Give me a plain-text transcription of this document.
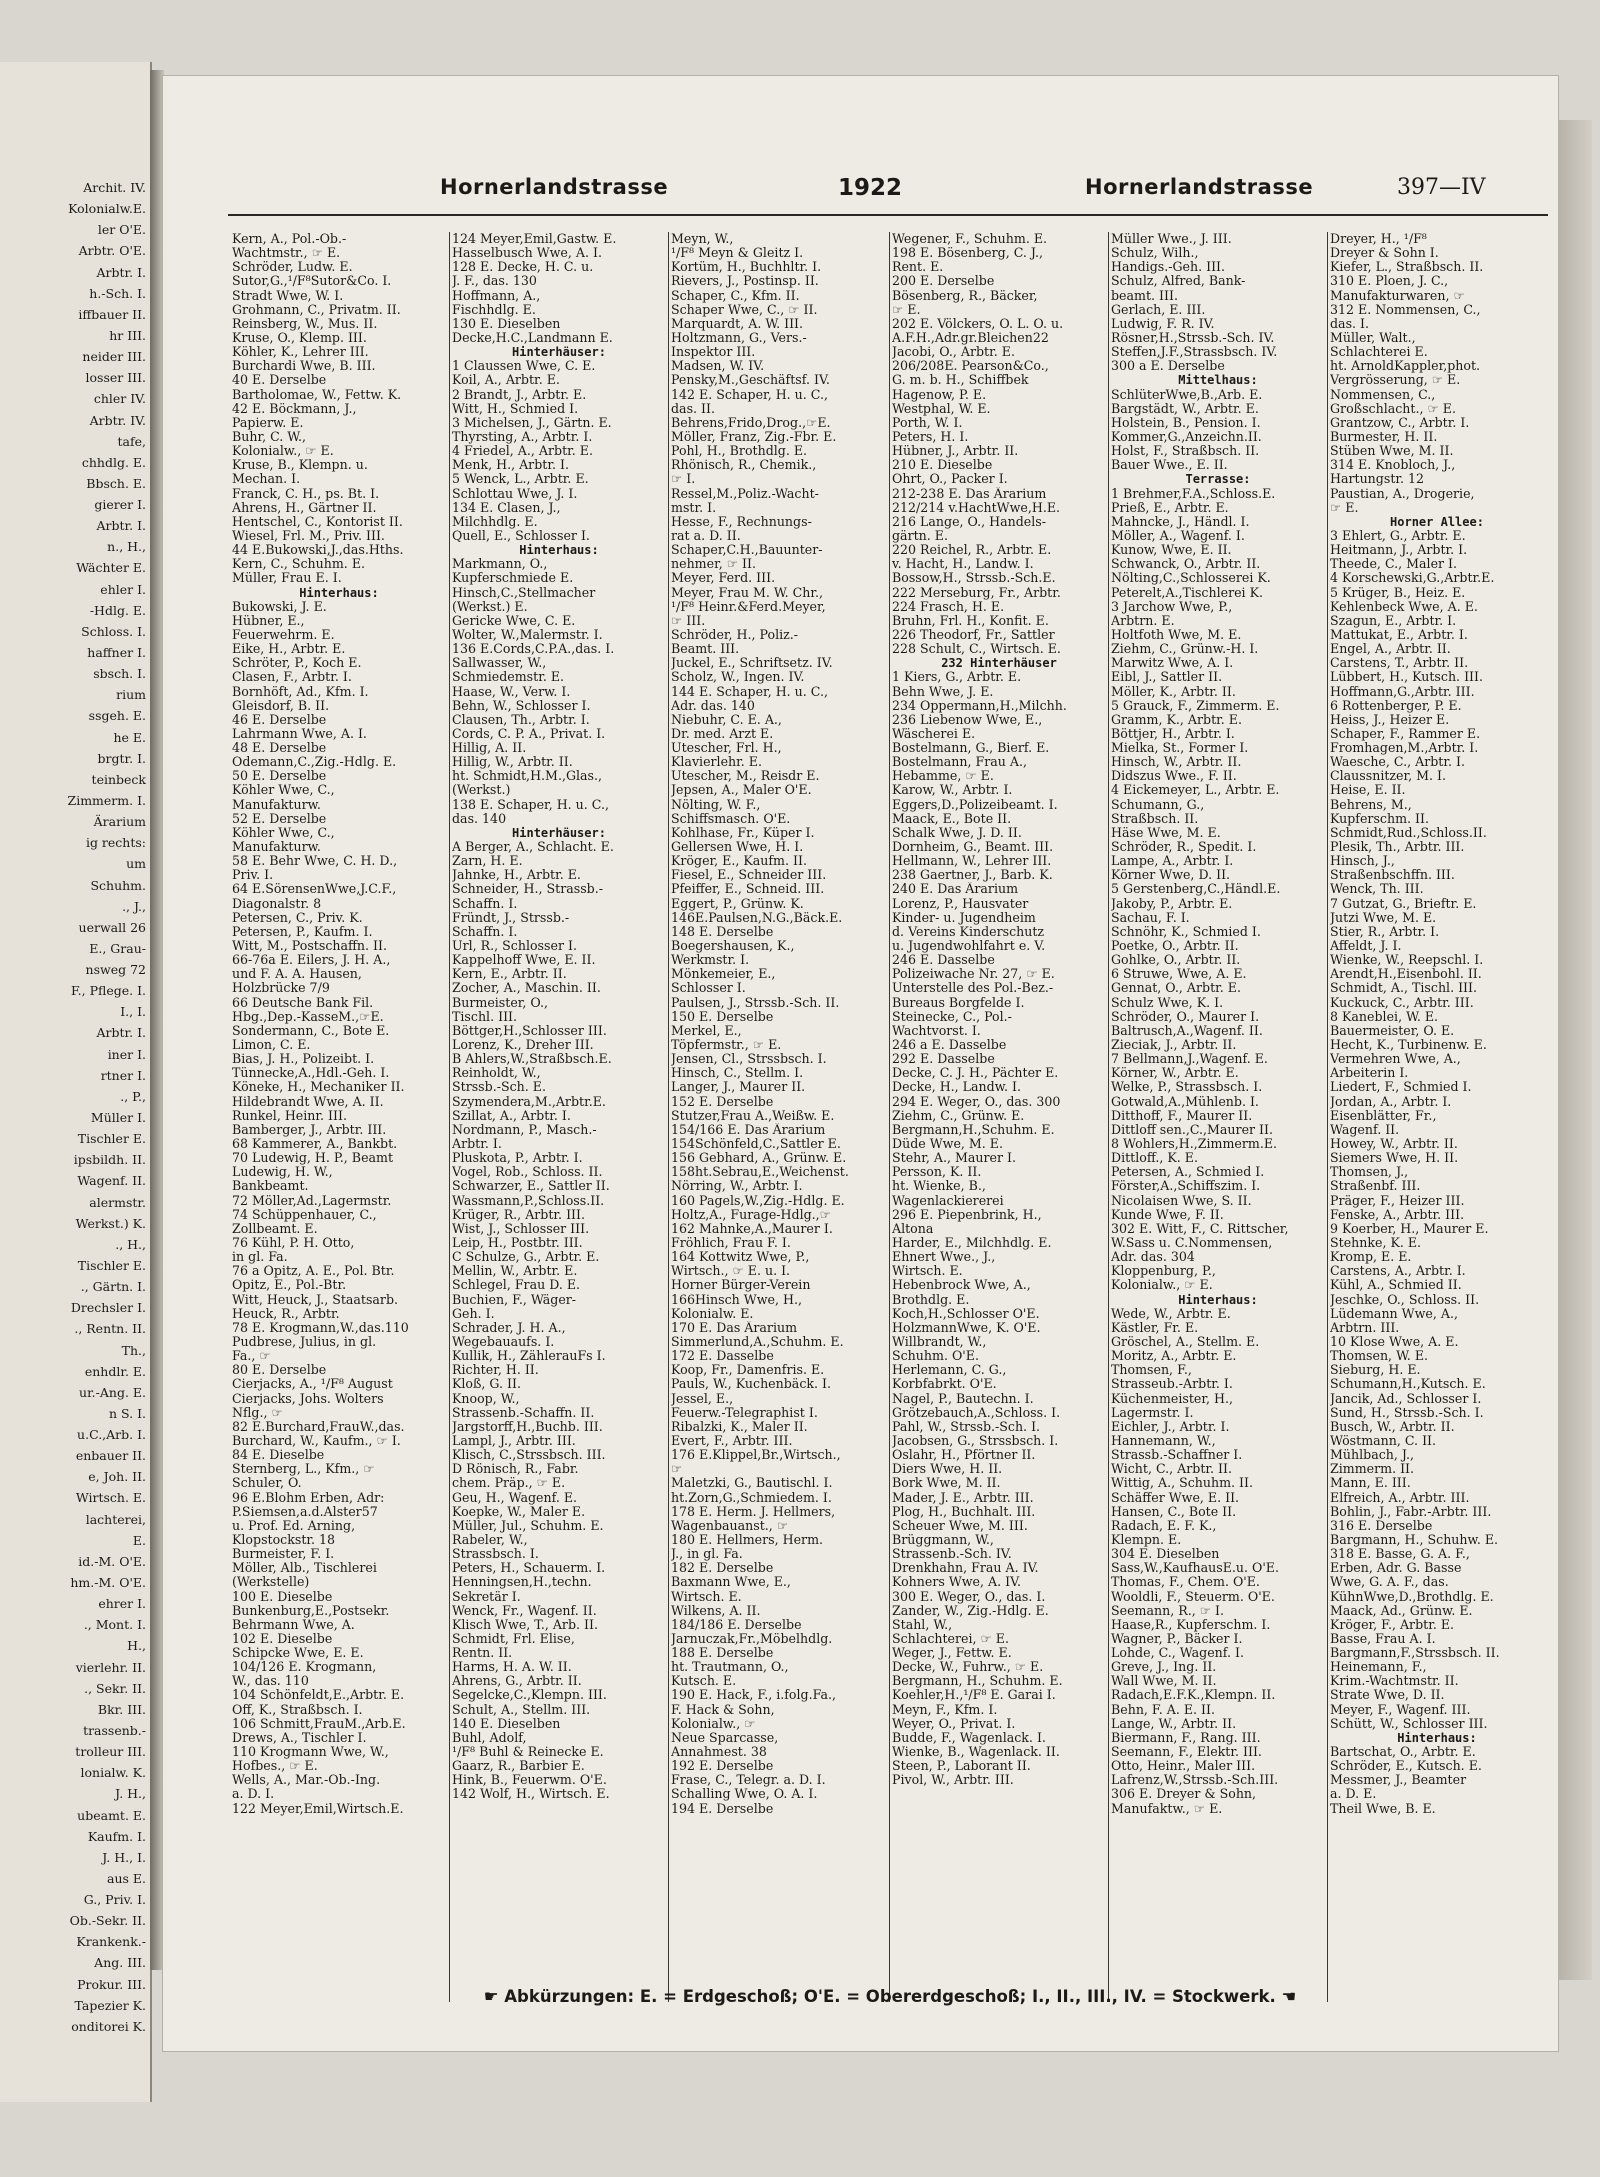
Archit. IV.
Kolonialw.E.
ler O'E.
Arbtr. O'E.
Arbtr. I.
h.-Sch. I.
iffbauer II.
hr III.
neider III.
losser III.
chler IV.
Arbtr. IV.
tafe,
chhdlg. E.
Bbsch. E.
gierer I.
Arbtr. I.
n., H.,
Wächter E.
ehler I.
-Hdlg. E.
Schloss. I.
haffner I.
sbsch. I.
rium
ssgeh. E.
he E.
brgtr. I.
teinbeck
Zimmerm. I.
Ärarium
ig rechts:
um
Schuhm.
., J.,
uerwall 26
E., Grau-
nsweg 72
F., Pflege. I.
I., I.
Arbtr. I.
iner I.
rtner I.
., P.,
Müller I.
Tischler E.
ipsbildh. II.
Wagenf. II.
alermstr.
Werkst.) K.
., H.,
Tischler E.
., Gärtn. I.
Drechsler I.
., Rentn. II.
Th.,
enhdlr. E.
ur.-Ang. E.
n S. I.
u.C.,Arb. I.
enbauer II.
e, Joh. II.
Wirtsch. E.
lachterei,
E.
id.-M. O'E.
hm.-M. O'E.
ehrer I.
., Mont. I.
H.,
vierlehr. II.
., Sekr. II.
Bkr. III.
trassenb.-
trolleur III.
lonialw. K.
J. H.,
ubeamt. E.
Kaufm. I.
J. H., I.
aus E.
G., Priv. I.
Ob.-Sekr. II.
Krankenk.-
Ang. III.
Prokur. III.
Tapezier K.
onditorei K.
Hornerlandstrasse	1922	Hornerlandstrasse	397—IV
Kern, A., Pol.-Ob.-
Wachtmstr., ☞ E.
Schröder, Ludw. E.
Sutor,G.,¹/F⁸Sutor&Co. I.
Stradt Wwe, W. I.
Grohmann, C., Privatm. II.
Reinsberg, W., Mus. II.
Kruse, O., Klemp. III.
Köhler, K., Lehrer III.
Burchardi Wwe, B. III.
40 E. Derselbe
Bartholomae, W., Fettw. K.
42 E. Böckmann, J.,
Papierw. E.
Buhr, C. W.,
Kolonialw., ☞ E.
Kruse, B., Klempn. u.
Mechan. I.
Franck, C. H., ps. Bt. I.
Ahrens, H., Gärtner II.
Hentschel, C., Kontorist II.
Wiesel, Frl. M., Priv. III.
44 E.Bukowski,J.,das.Hths.
Kern, C., Schuhm. E.
Müller, Frau E. I.
Hinterhaus:
Bukowski, J. E.
Hübner, E.,
Feuerwehrm. E.
Eike, H., Arbtr. E.
Schröter, P., Koch E.
Clasen, F., Arbtr. I.
Bornhöft, Ad., Kfm. I.
Gleisdorf, B. II.
46 E. Derselbe
Lahrmann Wwe, A. I.
48 E. Derselbe
Odemann,C.,Zig.-Hdlg. E.
50 E. Derselbe
Köhler Wwe, C.,
Manufakturw.
52 E. Derselbe
Köhler Wwe, C.,
Manufakturw.
58 E. Behr Wwe, C. H. D.,
Priv. I.
64 E.SörensenWwe,J.C.F.,
Diagonalstr. 8
Petersen, C., Priv. K.
Petersen, P., Kaufm. I.
Witt, M., Postschaffn. II.
66-76a E. Eilers, J. H. A.,
und F. A. A. Hausen,
Holzbrücke 7/9
66 Deutsche Bank Fil.
Hbg.,Dep.-KasseM.,☞E.
Sondermann, C., Bote E.
Limon, C. E.
Bias, J. H., Polizeibt. I.
Tünnecke,A.,Hdl.-Geh. I.
Köneke, H., Mechaniker II.
Hildebrandt Wwe, A. II.
Runkel, Heinr. III.
Bamberger, J., Arbtr. III.
68 Kammerer, A., Bankbt.
70 Ludewig, H. P., Beamt
Ludewig, H. W.,
Bankbeamt.
72 Möller,Ad.,Lagermstr.
74 Schüppenhauer, C.,
Zollbeamt. E.
76 Kühl, P. H. Otto,
in gl. Fa.
76 a Opitz, A. E., Pol. Btr.
Opitz, E., Pol.-Btr.
Witt, Heuck, J., Staatsarb.
Heuck, R., Arbtr.
78 E. Krogmann,W.,das.110
Pudbrese, Julius, in gl.
Fa., ☞
80 E. Derselbe
Cierjacks, A., ¹/F⁸ August
Cierjacks, Johs. Wolters
Nflg., ☞
82 E.Burchard,FrauW.,das.
Burchard, W., Kaufm., ☞ I.
84 E. Dieselbe
Sternberg, L., Kfm., ☞
Schuler, O.
96 E.Blohm Erben, Adr:
P.Siemsen,a.d.Alster57
u. Prof. Ed. Arning,
Klopstockstr. 18
Burmeister, F. I.
Möller, Alb., Tischlerei
(Werkstelle)
100 E. Dieselbe
Bunkenburg,E.,Postsekr.
Behrmann Wwe, A.
102 E. Dieselbe
Schipcke Wwe, E. E.
104/126 E. Krogmann,
W., das. 110
104 Schönfeldt,E.,Arbtr. E.
Off, K., Straßbsch. I.
106 Schmitt,FrauM.,Arb.E.
Drews, A., Tischler I.
110 Krogmann Wwe, W.,
Hofbes., ☞ E.
Wells, A., Mar.-Ob.-Ing.
a. D. I.
122 Meyer,Emil,Wirtsch.E.
124 Meyer,Emil,Gastw. E.
Hasselbusch Wwe, A. I.
128 E. Decke, H. C. u.
J. F., das. 130
Hoffmann, A.,
Fischhdlg. E.
130 E. Dieselben
Decke,H.C.,Landmann E.
Hinterhäuser:
1 Claussen Wwe, C. E.
Koil, A., Arbtr. E.
2 Brandt, J., Arbtr. E.
Witt, H., Schmied I.
3 Michelsen, J., Gärtn. E.
Thyrsting, A., Arbtr. I.
4 Friedel, A., Arbtr. E.
Menk, H., Arbtr. I.
5 Wenck, L., Arbtr. E.
Schlottau Wwe, J. I.
134 E. Clasen, J.,
Milchhdlg. E.
Quell, E., Schlosser I.
Hinterhaus:
Markmann, O.,
Kupferschmiede E.
Hinsch,C.,Stellmacher
(Werkst.) E.
Gericke Wwe, C. E.
Wolter, W.,Malermstr. I.
136 E.Cords,C.P.A.,das. I.
Sallwasser, W.,
Schmiedemstr. E.
Haase, W., Verw. I.
Behn, W., Schlosser I.
Clausen, Th., Arbtr. I.
Cords, C. P. A., Privat. I.
Hillig, A. II.
Hillig, W., Arbtr. II.
ht. Schmidt,H.M.,Glas.,
(Werkst.)
138 E. Schaper, H. u. C.,
das. 140
Hinterhäuser:
A Berger, A., Schlacht. E.
Zarn, H. E.
Jahnke, H., Arbtr. E.
Schneider, H., Strassb.-
Schaffn. I.
Fründt, J., Strssb.-
Schaffn. I.
Url, R., Schlosser I.
Kappelhoff Wwe, E. II.
Kern, E., Arbtr. II.
Zocher, A., Maschin. II.
Burmeister, O.,
Tischl. III.
Böttger,H.,Schlosser III.
Lorenz, K., Dreher III.
B Ahlers,W.,Straßbsch.E.
Reinholdt, W.,
Strssb.-Sch. E.
Szymendera,M.,Arbtr.E.
Szillat, A., Arbtr. I.
Nordmann, P., Masch.-
Arbtr. I.
Pluskota, P., Arbtr. I.
Vogel, Rob., Schloss. II.
Schwarzer, E., Sattler II.
Wassmann,P.,Schloss.II.
Krüger, R., Arbtr. III.
Wist, J., Schlosser III.
Leip, H., Postbtr. III.
C Schulze, G., Arbtr. E.
Mellin, W., Arbtr. E.
Schlegel, Frau D. E.
Buchien, F., Wäger-
Geh. I.
Schrader, J. H. A.,
Wegebauaufs. I.
Kullik, H., ZählerauFs I.
Richter, H. II.
Kloß, G. II.
Knoop, W.,
Strassenb.-Schaffn. II.
Jargstorff,H.,Buchb. III.
Lampl, J., Arbtr. III.
Klisch, C.,Strssbsch. III.
D Rönisch, R., Fabr.
chem. Präp., ☞ E.
Geu, H., Wagenf. E.
Koepke, W., Maler E.
Müller, Jul., Schuhm. E.
Rabeler, W.,
Strassbsch. I.
Peters, H., Schauerm. I.
Henningsen,H.,techn.
Sekretär I.
Wenck, Fr., Wagenf. II.
Klisch Wwe, T., Arb. II.
Schmidt, Frl. Elise,
Rentn. II.
Harms, H. A. W. II.
Ahrens, G., Arbtr. II.
Segelcke,C.,Klempn. III.
Schult, A., Stellm. III.
140 E. Dieselben
Buhl, Adolf,
¹/F⁸ Buhl & Reinecke E.
Gaarz, R., Barbier E.
Hink, B., Feuerwm. O'E.
142 Wolf, H., Wirtsch. E.
Meyn, W.,
¹/F⁸ Meyn & Gleitz I.
Kortüm, H., Buchhltr. I.
Rievers, J., Postinsp. II.
Schaper, C., Kfm. II.
Schaper Wwe, C., ☞ II.
Marquardt, A. W. III.
Holtzmann, G., Vers.-
Inspektor III.
Madsen, W. IV.
Pensky,M.,Geschäftsf. IV.
142 E. Schaper, H. u. C.,
das. II.
Behrens,Frido,Drog.,☞E.
Möller, Franz, Zig.-Fbr. E.
Pohl, H., Brothdlg. E.
Rhönisch, R., Chemik.,
☞ I.
Ressel,M.,Poliz.-Wacht-
mstr. I.
Hesse, F., Rechnungs-
rat a. D. II.
Schaper,C.H.,Bauunter-
nehmer, ☞ II.
Meyer, Ferd. III.
Meyer, Frau M. W. Chr.,
¹/F⁸ Heinr.&Ferd.Meyer,
☞ III.
Schröder, H., Poliz.-
Beamt. III.
Juckel, E., Schriftsetz. IV.
Scholz, W., Ingen. IV.
144 E. Schaper, H. u. C.,
Adr. das. 140
Niebuhr, C. E. A.,
Dr. med. Arzt E.
Utescher, Frl. H.,
Klavierlehr. E.
Utescher, M., Reisdr E.
Jepsen, A., Maler O'E.
Nölting, W. F.,
Schiffsmasch. O'E.
Kohlhase, Fr., Küper I.
Gellersen Wwe, H. I.
Kröger, E., Kaufm. II.
Fiesel, E., Schneider III.
Pfeiffer, E., Schneid. III.
Eggert, P., Grünw. K.
146E.Paulsen,N.G.,Bäck.E.
148 E. Derselbe
Boegershausen, K.,
Werkmstr. I.
Mönkemeier, E.,
Schlosser I.
Paulsen, J., Strssb.-Sch. II.
150 E. Derselbe
Merkel, E.,
Töpfermstr., ☞ E.
Jensen, Cl., Strssbsch. I.
Hinsch, C., Stellm. I.
Langer, J., Maurer II.
152 E. Derselbe
Stutzer,Frau A.,Weißw. E.
154/166 E. Das Ärarium
154Schönfeld,C.,Sattler E.
156 Gebhard, A., Grünw. E.
158ht.Sebrau,E.,Weichenst.
Nörring, W., Arbtr. I.
160 Pagels,W.,Zig.-Hdlg. E.
Holtz,A., Furage-Hdlg.,☞
162 Mahnke,A.,Maurer I.
Fröhlich, Frau F. I.
164 Kottwitz Wwe, P.,
Wirtsch., ☞ E. u. I.
Horner Bürger-Verein
166Hinsch Wwe, H.,
Kolonialw. E.
170 E. Das Ärarium
Simmerlund,A.,Schuhm. E.
172 E. Dasselbe
Koop, Fr., Damenfris. E.
Pauls, W., Kuchenbäck. I.
Jessel, E.,
Feuerw.-Telegraphist I.
Ribalzki, K., Maler II.
Evert, F., Arbtr. III.
176 E.Klippel,Br.,Wirtsch.,
☞
Maletzki, G., Bautischl. I.
ht.Zorn,G.,Schmiedem. I.
178 E. Herm. J. Hellmers,
Wagenbauanst., ☞
180 E. Hellmers, Herm.
J., in gl. Fa.
182 E. Derselbe
Baxmann Wwe, E.,
Wirtsch. E.
Wilkens, A. II.
184/186 E. Derselbe
Jarnuczak,Fr.,Möbelhdlg.
188 E. Derselbe
ht. Trautmann, O.,
Kutsch. E.
190 E. Hack, F., i.folg.Fa.,
F. Hack & Sohn,
Kolonialw., ☞
Neue Sparcasse,
Annahmest. 38
192 E. Derselbe
Frase, C., Telegr. a. D. I.
Schalling Wwe, O. A. I.
194 E. Derselbe
Wegener, F., Schuhm. E.
198 E. Bösenberg, C. J.,
Rent. E.
200 E. Derselbe
Bösenberg, R., Bäcker,
☞ E.
202 E. Völckers, O. L. O. u.
A.F.H.,Adr.gr.Bleichen22
Jacobi, O., Arbtr. E.
206/208E. Pearson&Co.,
G. m. b. H., Schiffbek
Hagenow, P. E.
Westphal, W. E.
Porth, W. I.
Peters, H. I.
Hübner, J., Arbtr. II.
210 E. Dieselbe
Ohrt, O., Packer I.
212-238 E. Das Ärarium
212/214 v.HachtWwe,H.E.
216 Lange, O., Handels-
gärtn. E.
220 Reichel, R., Arbtr. E.
v. Hacht, H., Landw. I.
Bossow,H., Strssb.-Sch.E.
222 Merseburg, Fr., Arbtr.
224 Frasch, H. E.
Bruhn, Frl. H., Konfit. E.
226 Theodorf, Fr., Sattler
228 Schult, C., Wirtsch. E.
232 Hinterhäuser
1 Kiers, G., Arbtr. E.
Behn Wwe, J. E.
234 Oppermann,H.,Milchh.
236 Liebenow Wwe, E.,
Wäscherei E.
Bostelmann, G., Bierf. E.
Bostelmann, Frau A.,
Hebamme, ☞ E.
Karow, W., Arbtr. I.
Eggers,D.,Polizeibeamt. I.
Maack, E., Bote II.
Schalk Wwe, J. D. II.
Dornheim, G., Beamt. III.
Hellmann, W., Lehrer III.
238 Gaertner, J., Barb. K.
240 E. Das Ärarium
Lorenz, P., Hausvater
Kinder- u. Jugendheim
d. Vereins Kinderschutz
u. Jugendwohlfahrt e. V.
246 E. Dasselbe
Polizeiwache Nr. 27, ☞ E.
Unterstelle des Pol.-Bez.-
Bureaus Borgfelde I.
Steinecke, C., Pol.-
Wachtvorst. I.
246 a E. Dasselbe
292 E. Dasselbe
Decke, C. J. H., Pächter E.
Decke, H., Landw. I.
294 E. Weger, O., das. 300
Ziehm, C., Grünw. E.
Bergmann,H.,Schuhm. E.
Düde Wwe, M. E.
Stehr, A., Maurer I.
Persson, K. II.
ht. Wienke, B.,
Wagenlackiererei
296 E. Piepenbrink, H.,
Altona
Harder, E., Milchhdlg. E.
Ehnert Wwe., J.,
Wirtsch. E.
Hebenbrock Wwe, A.,
Brothdlg. E.
Koch,H.,Schlosser O'E.
HolzmannWwe, K. O'E.
Willbrandt, W.,
Schuhm. O'E.
Herlemann, C. G.,
Korbfabrkt. O'E.
Nagel, P., Bautechn. I.
Grötzebauch,A.,Schloss. I.
Pahl, W., Strssb.-Sch. I.
Jacobsen, G., Strssbsch. I.
Oslahr, H., Pförtner II.
Diers Wwe, H. II.
Bork Wwe, M. II.
Mader, J. E., Arbtr. III.
Plog, H., Buchhalt. III.
Scheuer Wwe, M. III.
Brüggmann, W.,
Strassenb.-Sch. IV.
Drenkhahn, Frau A. IV.
Kohners Wwe, A. IV.
300 E. Weger, O., das. I.
Zander, W., Zig.-Hdlg. E.
Stahl, W.,
Schlachterei, ☞ E.
Weger, J., Fettw. E.
Decke, W., Fuhrw., ☞ E.
Bergmann, H., Schuhm. E.
Koehler,H.,¹/F⁸ E. Garai I.
Meyn, F., Kfm. I.
Weyer, O., Privat. I.
Budde, F., Wagenlack. I.
Wienke, B., Wagenlack. II.
Steen, P., Laborant II.
Pivol, W., Arbtr. III.
Müller Wwe., J. III.
Schulz, Wilh.,
Handigs.-Geh. III.
Schulz, Alfred, Bank-
beamt. III.
Gerlach, E. III.
Ludwig, F. R. IV.
Rösner,H.,Strssb.-Sch. IV.
Steffen,J.F.,Strassbsch. IV.
300 a E. Derselbe
Mittelhaus:
SchlüterWwe,B.,Arb. E.
Bargstädt, W., Arbtr. E.
Holstein, B., Pension. I.
Kommer,G.,Anzeichn.II.
Holst, F., Straßbsch. II.
Bauer Wwe., E. II.
Terrasse:
1 Brehmer,F.A.,Schloss.E.
Prieß, E., Arbtr. E.
Mahncke, J., Händl. I.
Möller, A., Wagenf. I.
Kunow, Wwe, E. II.
Schwanck, O., Arbtr. II.
Nölting,C.,Schlosserei K.
Peterelt,A.,Tischlerei K.
3 Jarchow Wwe, P.,
Arbtrn. E.
Holtfoth Wwe, M. E.
Ziehm, C., Grünw.-H. I.
Marwitz Wwe, A. I.
Eibl, J., Sattler II.
Möller, K., Arbtr. II.
5 Grauck, F., Zimmerm. E.
Gramm, K., Arbtr. E.
Böttjer, H., Arbtr. I.
Mielka, St., Former I.
Hinsch, W., Arbtr. II.
Didszus Wwe., F. II.
4 Eickemeyer, L., Arbtr. E.
Schumann, G.,
Straßbsch. II.
Häse Wwe, M. E.
Schröder, R., Spedit. I.
Lampe, A., Arbtr. I.
Körner Wwe, D. II.
5 Gerstenberg,C.,Händl.E.
Jakoby, P., Arbtr. E.
Sachau, F. I.
Schnöhr, K., Schmied I.
Poetke, O., Arbtr. II.
Gohlke, O., Arbtr. II.
6 Struwe, Wwe, A. E.
Gennat, O., Arbtr. E.
Schulz Wwe, K. I.
Schröder, O., Maurer I.
Baltrusch,A.,Wagenf. II.
Zieciak, J., Arbtr. II.
7 Bellmann,J.,Wagenf. E.
Körner, W., Arbtr. E.
Welke, P., Strassbsch. I.
Gotwald,A.,Mühlenb. I.
Ditthoff, F., Maurer II.
Dittloff sen.,C.,Maurer II.
8 Wohlers,H.,Zimmerm.E.
Dittloff., K. E.
Petersen, A., Schmied I.
Förster,A.,Schiffszim. I.
Nicolaisen Wwe, S. II.
Kunde Wwe, F. II.
302 E. Witt, F., C. Rittscher,
W.Sass u. C.Nommensen,
Adr. das. 304
Kloppenburg, P.,
Kolonialw., ☞ E.
Hinterhaus:
Wede, W., Arbtr. E.
Kästler, Fr. E.
Gröschel, A., Stellm. E.
Moritz, A., Arbtr. E.
Thomsen, F.,
Strasseub.-Arbtr. I.
Küchenmeister, H.,
Lagermstr. I.
Eichler, J., Arbtr. I.
Hannemann, W.,
Strassb.-Schaffner I.
Wicht, C., Arbtr. II.
Wittig, A., Schuhm. II.
Schäffer Wwe, E. II.
Hansen, C., Bote II.
Radach, E. F. K.,
Klempn. E.
304 E. Dieselben
Sass,W.,KaufhausE.u. O'E.
Thomas, F., Chem. O'E.
Wooldli, F., Steuerm. O'E.
Seemann, R., ☞ I.
Haase,R., Kupferschm. I.
Wagner, P., Bäcker I.
Lohde, C., Wagenf. I.
Greve, J., Ing. II.
Wall Wwe, M. II.
Radach,E.F.K.,Klempn. II.
Behn, F. A. E. II.
Lange, W., Arbtr. II.
Biermann, F., Rang. III.
Seemann, F., Elektr. III.
Otto, Heinr., Maler III.
Lafrenz,W.,Strssb.-Sch.III.
306 E. Dreyer & Sohn,
Manufaktw., ☞ E.
Dreyer, H., ¹/F⁸
Dreyer & Sohn I.
Kiefer, L., Straßbsch. II.
310 E. Ploen, J. C.,
Manufakturwaren, ☞
312 E. Nommensen, C.,
das. I.
Müller, Walt.,
Schlachterei E.
ht. ArnoldKappler,phot.
Vergrösserung, ☞ E.
Nommensen, C.,
Großschlacht., ☞ E.
Grantzow, C., Arbtr. I.
Burmester, H. II.
Stüben Wwe, M. II.
314 E. Knobloch, J.,
Hartungstr. 12
Paustian, A., Drogerie,
☞ E.
Horner Allee:
3 Ehlert, G., Arbtr. E.
Heitmann, J., Arbtr. I.
Theede, C., Maler I.
4 Korschewski,G.,Arbtr.E.
5 Krüger, B., Heiz. E.
Kehlenbeck Wwe, A. E.
Szagun, E., Arbtr. I.
Mattukat, E., Arbtr. I.
Engel, A., Arbtr. II.
Carstens, T., Arbtr. II.
Lübbert, H., Kutsch. III.
Hoffmann,G.,Arbtr. III.
6 Rottenberger, P. E.
Heiss, J., Heizer E.
Schaper, F., Rammer E.
Fromhagen,M.,Arbtr. I.
Waesche, C., Arbtr. I.
Claussnitzer, M. I.
Heise, E. II.
Behrens, M.,
Kupferschm. II.
Schmidt,Rud.,Schloss.II.
Plesik, Th., Arbtr. III.
Hinsch, J.,
Straßenbschffn. III.
Wenck, Th. III.
7 Gutzat, G., Brieftr. E.
Jutzi Wwe, M. E.
Stier, R., Arbtr. I.
Affeldt, J. I.
Wienke, W., Reepschl. I.
Arendt,H.,Eisenbohl. II.
Schmidt, A., Tischl. III.
Kuckuck, C., Arbtr. III.
8 Kaneblei, W. E.
Bauermeister, O. E.
Hecht, K., Turbinenw. E.
Vermehren Wwe, A.,
Arbeiterin I.
Liedert, F., Schmied I.
Jordan, A., Arbtr. I.
Eisenblätter, Fr.,
Wagenf. II.
Howey, W., Arbtr. II.
Siemers Wwe, H. II.
Thomsen, J.,
Straßenbf. III.
Präger, F., Heizer III.
Fenske, A., Arbtr. III.
9 Koerber, H., Maurer E.
Stehnke, K. E.
Kromp, E. E.
Carstens, A., Arbtr. I.
Kühl, A., Schmied II.
Jeschke, O., Schloss. II.
Lüdemann Wwe, A.,
Arbtrn. III.
10 Klose Wwe, A. E.
Thomsen, W. E.
Sieburg, H. E.
Schumann,H.,Kutsch. E.
Jancik, Ad., Schlosser I.
Sund, H., Strssb.-Sch. I.
Busch, W., Arbtr. II.
Wöstmann, C. II.
Mühlbach, J.,
Zimmerm. II.
Mann, E. III.
Elfreich, A., Arbtr. III.
Bohlin, J., Fabr.-Arbtr. III.
316 E. Derselbe
Bargmann, H., Schuhw. E.
318 E. Basse, G. A. F.,
Erben, Adr. G. Basse
Wwe, G. A. F., das.
KühnWwe,D.,Brothdlg. E.
Maack, Ad., Grünw. E.
Kröger, F., Arbtr. E.
Basse, Frau A. I.
Bargmann,F.,Strssbsch. II.
Heinemann, F.,
Krim.-Wachtmstr. II.
Strate Wwe, D. II.
Meyer, F., Wagenf. III.
Schütt, W., Schlosser III.
Hinterhaus:
Bartschat, O., Arbtr. E.
Schröder, E., Kutsch. E.
Messmer, J., Beamter
a. D. E.
Theil Wwe, B. E.
☛ Abkürzungen: E. = Erdgeschoß; O'E. = Obererdgeschoß; I., II., III., IV. = Stockwerk. ☚
